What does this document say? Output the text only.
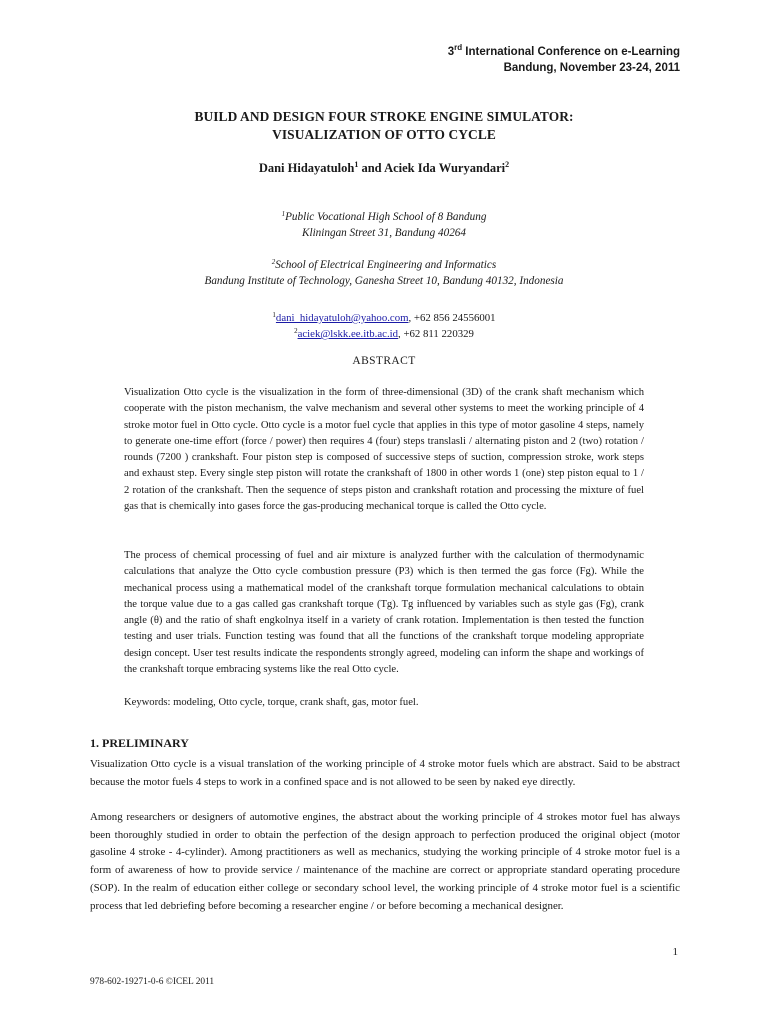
3rd International Conference on e-Learning
Bandung, November 23-24, 2011
BUILD AND DESIGN FOUR STROKE ENGINE SIMULATOR:
VISUALIZATION OF OTTO CYCLE
Dani Hidayatuloh$^1$ and Aciek Ida Wuryandari$^2$
$^1$Public Vocational High School of 8 Bandung
Kliningan Street 31, Bandung 40264
$^2$School of Electrical Engineering and Informatics
Bandung Institute of Technology, Ganesha Street 10, Bandung 40132, Indonesia
$^1$dani_hidayatuloh@yahoo.com, +62 856 24556001
$^2$aciek@lskk.ee.itb.ac.id, +62 811 220329
ABSTRACT

Visualization Otto cycle is the visualization in the form of three-dimensional (3D) of the crank shaft mechanism which cooperate with the piston mechanism, the valve mechanism and several other systems to meet the working principle of 4 stroke motor fuel in Otto cycle. Otto cycle is a motor fuel cycle that applies in this type of motor gasoline 4 steps, namely to generate one-time effort (force / power) then requires 4 (four) steps translasli / alternating piston and 2 (two) rotation / rounds (7200 ) crankshaft. Four piston step is composed of successive steps of suction, compression stroke, work steps and exhaust step. Every single step piston will rotate the crankshaft of 1800 in other words 1 (one) step piston equal to 1 / 2 rotation of the crankshaft. Then the sequence of steps piston and crankshaft rotation and processing the mixture of fuel gas that is chemically into gases force the gas-producing mechanical torque is called the Otto cycle.

The process of chemical processing of fuel and air mixture is analyzed further with the calculation of thermodynamic calculations that analyze the Otto cycle combustion pressure (P3) which is then termed the gas force (Fg). While the mechanical process using a mathematical model of the crankshaft torque formulation mechanical calculations to obtain the torque value due to a gas called gas crankshaft torque (Tg). Tg influenced by variables such as style gas (Fg), crank angle (θ) and the ratio of shaft engkolnya itself in a variety of crank rotation. Implementation is then tested the function testing and user trials. Function testing was found that all the functions of the crankshaft torque modeling appropriate design concept. User test results indicate the respondents strongly agreed, modeling can inform the shape and workings of the crankshaft torque embracing systems like the real Otto cycle.

Keywords: modeling, Otto cycle, torque, crank shaft, gas, motor fuel.

1. PRELIMINARY

Visualization Otto cycle is a visual translation of the working principle of 4 stroke motor fuels which are abstract. Said to be abstract because the motor fuels 4 steps to work in a confined space and is not allowed to be seen by naked eye directly.

Among researchers or designers of automotive engines, the abstract about the working principle of 4 strokes motor fuel has always been thoroughly studied in order to obtain the perfection of the design approach to perfection produced the original object (motor gasoline 4 stroke - 4-cylinder). Among practitioners as well as mechanics, studying the working principle of 4 stroke motor fuel is a form of awareness of how to provide service / maintenance of the machine are correct or appropriate standard operating procedure (SOP). In the realm of education either college or secondary school level, the working principle of 4 stroke motor fuel is a scientific process that led debriefing before becoming a researcher engine / or before becoming a mechanical designer.

1
978-602-19271-0-6 ©ICEL 2011
